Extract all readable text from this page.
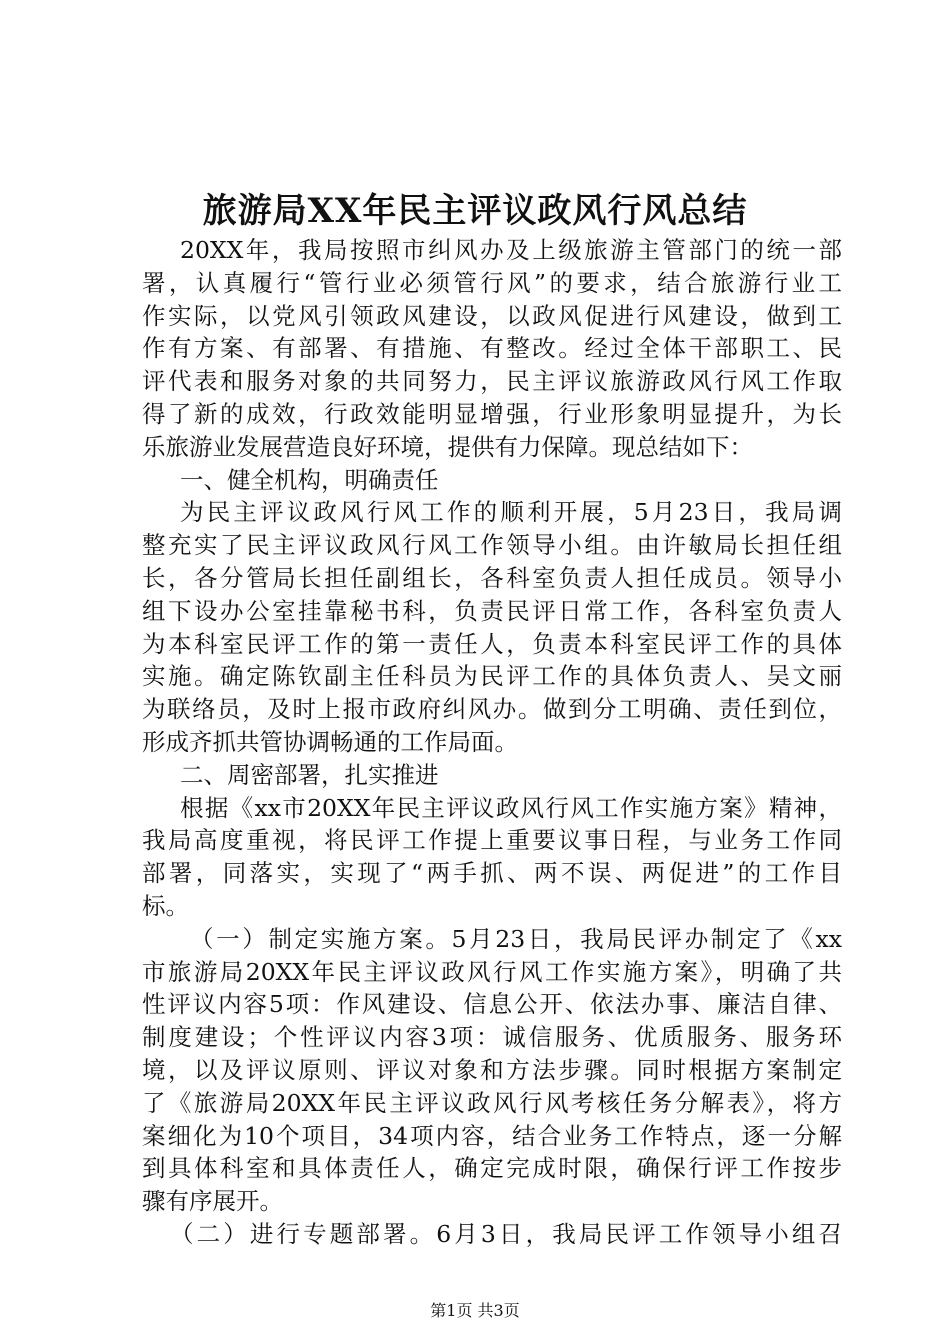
旅游局XX年民主评议政风行风总结
20XX年，我局按照市纠风办及上级旅游主管部门的统一部
署，认真履行“管行业必须管行风”的要求，结合旅游行业工
作实际，以党风引领政风建设，以政风促进行风建设，做到工
作有方案、有部署、有措施、有整改。经过全体干部职工、民
评代表和服务对象的共同努力，民主评议旅游政风行风工作取
得了新的成效，行政效能明显增强，行业形象明显提升，为长
乐旅游业发展营造良好环境，提供有力保障。现总结如下：
一、健全机构，明确责任
为民主评议政风行风工作的顺利开展，5月23日，我局调
整充实了民主评议政风行风工作领导小组。由许敏局长担任组
长，各分管局长担任副组长，各科室负责人担任成员。领导小
组下设办公室挂靠秘书科，负责民评日常工作，各科室负责人
为本科室民评工作的第一责任人，负责本科室民评工作的具体
实施。确定陈钦副主任科员为民评工作的具体负责人、吴文丽
为联络员，及时上报市政府纠风办。做到分工明确、责任到位，
形成齐抓共管协调畅通的工作局面。
二、周密部署，扎实推进
根据《xx市20XX年民主评议政风行风工作实施方案》精神，
我局高度重视，将民评工作提上重要议事日程，与业务工作同
部署，同落实，实现了“两手抓、两不误、两促进”的工作目
标。
（一）制定实施方案。5月23日，我局民评办制定了《xx
市旅游局20XX年民主评议政风行风工作实施方案》，明确了共
性评议内容5项：作风建设、信息公开、依法办事、廉洁自律、
制度建设；个性评议内容3项：诚信服务、优质服务、服务环
境，以及评议原则、评议对象和方法步骤。同时根据方案制定
了《旅游局20XX年民主评议政风行风考核任务分解表》，将方
案细化为10个项目，34项内容，结合业务工作特点，逐一分解
到具体科室和具体责任人，确定完成时限，确保行评工作按步
骤有序展开。
（二）进行专题部署。6月3日，我局民评工作领导小组召
第1页 共3页
